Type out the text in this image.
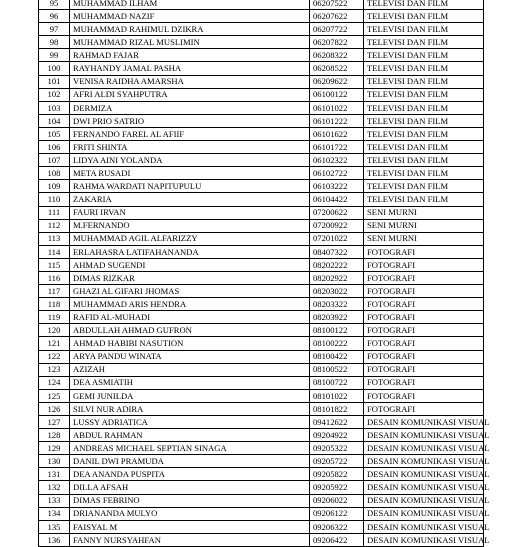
95	MUHAMMAD ILHAM	06207522	TELEVISI DAN FILM
96	MUHAMMAD NAZIF	06207622	TELEVISI DAN FILM
97	MUHAMMAD RAHIMUL DZIKRA	06207722	TELEVISI DAN FILM
98	MUHAMMAD RIZAL MUSLIMIN	06207822	TELEVISI DAN FILM
99	RAHMAD FAJAR	06208322	TELEVISI DAN FILM
100	RAYHANDY JAMAL PASHA	06208522	TELEVISI DAN FILM
101	VENISA RAIDHA AMARSHA	06209622	TELEVISI DAN FILM
102	AFRI ALDI SYAHPUTRA	06100122	TELEVISI DAN FILM
103	DERMIZA	06101022	TELEVISI DAN FILM
104	DWI PRIO SATRIO	06101222	TELEVISI DAN FILM
105	FERNANDO FAREL AL AFIIF	06101622	TELEVISI DAN FILM
106	FRITI SHINTA	06101722	TELEVISI DAN FILM
107	LIDYA AINI YOLANDA	06102322	TELEVISI DAN FILM
108	META RUSADI	06102722	TELEVISI DAN FILM
109	RAHMA WARDATI NAPITUPULU	06103222	TELEVISI DAN FILM
110	ZAKARIA	06104422	TELEVISI DAN FILM
111	FAURI IRVAN	07200622	SENI MURNI
112	M.FERNANDO	07200922	SENI MURNI
113	MUHAMMAD AGIL ALFARIZZY	07201022	SENI MURNI
114	ERLAHASRA LATIFAHANANDA	08407322	FOTOGRAFI
115	AHMAD SUGENDI	08202222	FOTOGRAFI
116	DIMAS RIZKAR	08202922	FOTOGRAFI
117	GHAZI AL GIFARI JHOMAS	08203022	FOTOGRAFI
118	MUHAMMAD ARIS HENDRA	08203322	FOTOGRAFI
119	RAFID AL-MUHADI	08203922	FOTOGRAFI
120	ABDULLAH AHMAD GUFRON	08100122	FOTOGRAFI
121	AHMAD HABIBI NASUTION	08100222	FOTOGRAFI
122	ARYA PANDU WINATA	08100422	FOTOGRAFI
123	AZIZAH	08100522	FOTOGRAFI
124	DEA ASMIATIH	08100722	FOTOGRAFI
125	GEMI JUNILDA	08101022	FOTOGRAFI
126	SILVI NUR ADIRA	08101822	FOTOGRAFI
127	LUSSY ADRIATICA	09412622	DESAIN KOMUNIKASI VISUAL
128	ABDUL RAHMAN	09204922	DESAIN KOMUNIKASI VISUAL
129	ANDREAS MICHAEL SEPTIAN SINAGA	09205322	DESAIN KOMUNIKASI VISUAL
130	DANIL DWI PRAMUDA	09205722	DESAIN KOMUNIKASI VISUAL
131	DEA ANANDA PUSPITA	09205822	DESAIN KOMUNIKASI VISUAL
132	DILLA AFSAH	09205922	DESAIN KOMUNIKASI VISUAL
133	DIMAS FEBRINO	09206022	DESAIN KOMUNIKASI VISUAL
134	DRIANANDA MULYO	09206122	DESAIN KOMUNIKASI VISUAL
135	FAISYAL M	09206322	DESAIN KOMUNIKASI VISUAL
136	FANNY NURSYAHFAN	09206422	DESAIN KOMUNIKASI VISUAL
